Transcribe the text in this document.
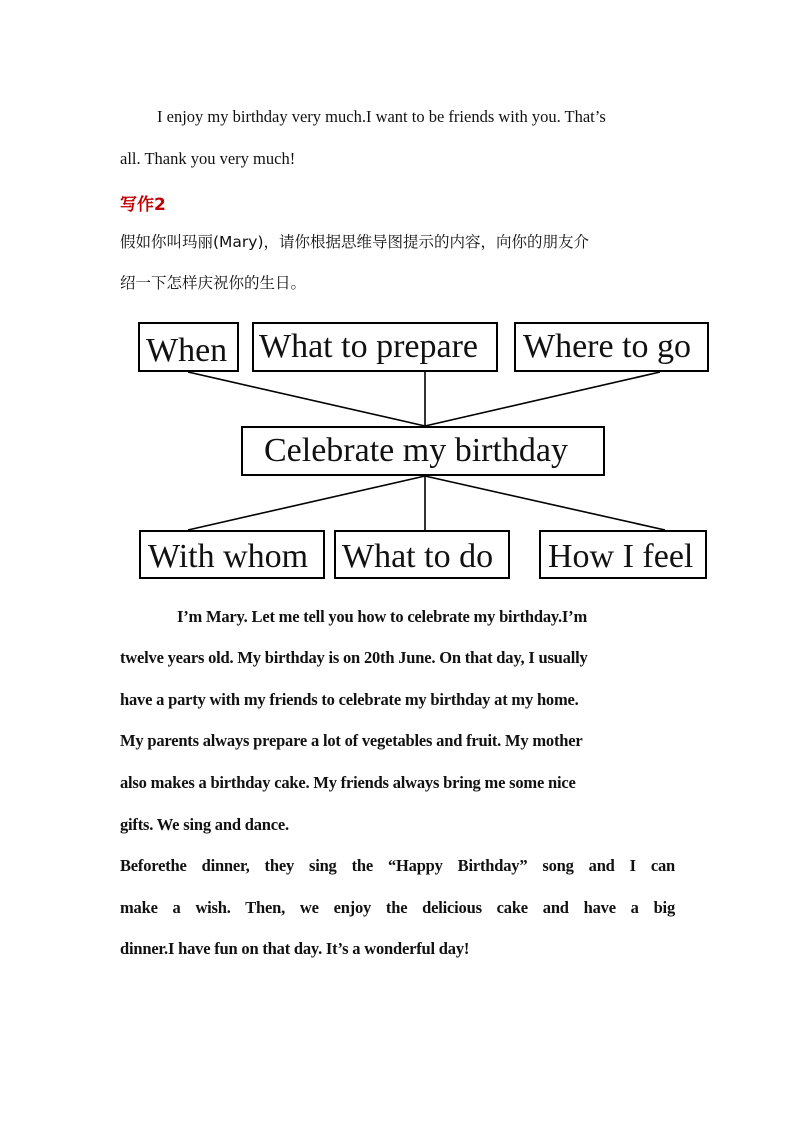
I enjoy my birthday very much.I want to be friends with you. That’s
all. Thank you very much!
写作2
假如你叫玛丽(Mary)，请你根据思维导图提示的内容，向你的朋友介
绍一下怎样庆祝你的生日。
When What to prepare Where to go
Celebrate my birthday
With whom What to do How I feel
I’m Mary. Let me tell you how to celebrate my birthday.I’m
twelve years old. My birthday is on 20th June. On that day, I usually
have a party with my friends to celebrate my birthday at my home.
My parents always prepare a lot of vegetables and fruit. My mother
also makes a birthday cake. My friends always bring me some nice
gifts. We sing and dance.
Beforethe dinner, they sing the “Happy Birthday” song and I can
make a wish. Then, we enjoy the delicious cake and have a big
dinner.I have fun on that day. It’s a wonderful day!
